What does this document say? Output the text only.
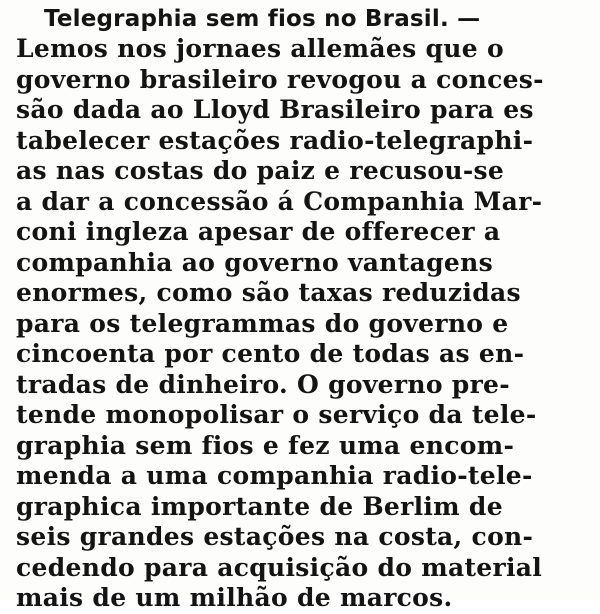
Telegraphia sem fios no Brasil. —
Lemos nos jornaes allemães que o
governo brasileiro revogou a conces-
são dada ao Lloyd Brasileiro para es
tabelecer estações radio-telegraphi-
as nas costas do paiz e recusou-se
a dar a concessão á Companhia Mar-
coni ingleza apesar de offerecer a
companhia ao governo vantagens
enormes, como são taxas reduzidas
para os telegrammas do governo e
cincoenta por cento de todas as en-
tradas de dinheiro. O governo pre-
tende monopolisar o serviço da tele-
graphia sem fios e fez uma encom-
menda a uma companhia radio-tele-
graphica importante de Berlim de
seis grandes estações na costa, con-
cedendo para acquisição do material
mais de um milhão de marcos.
